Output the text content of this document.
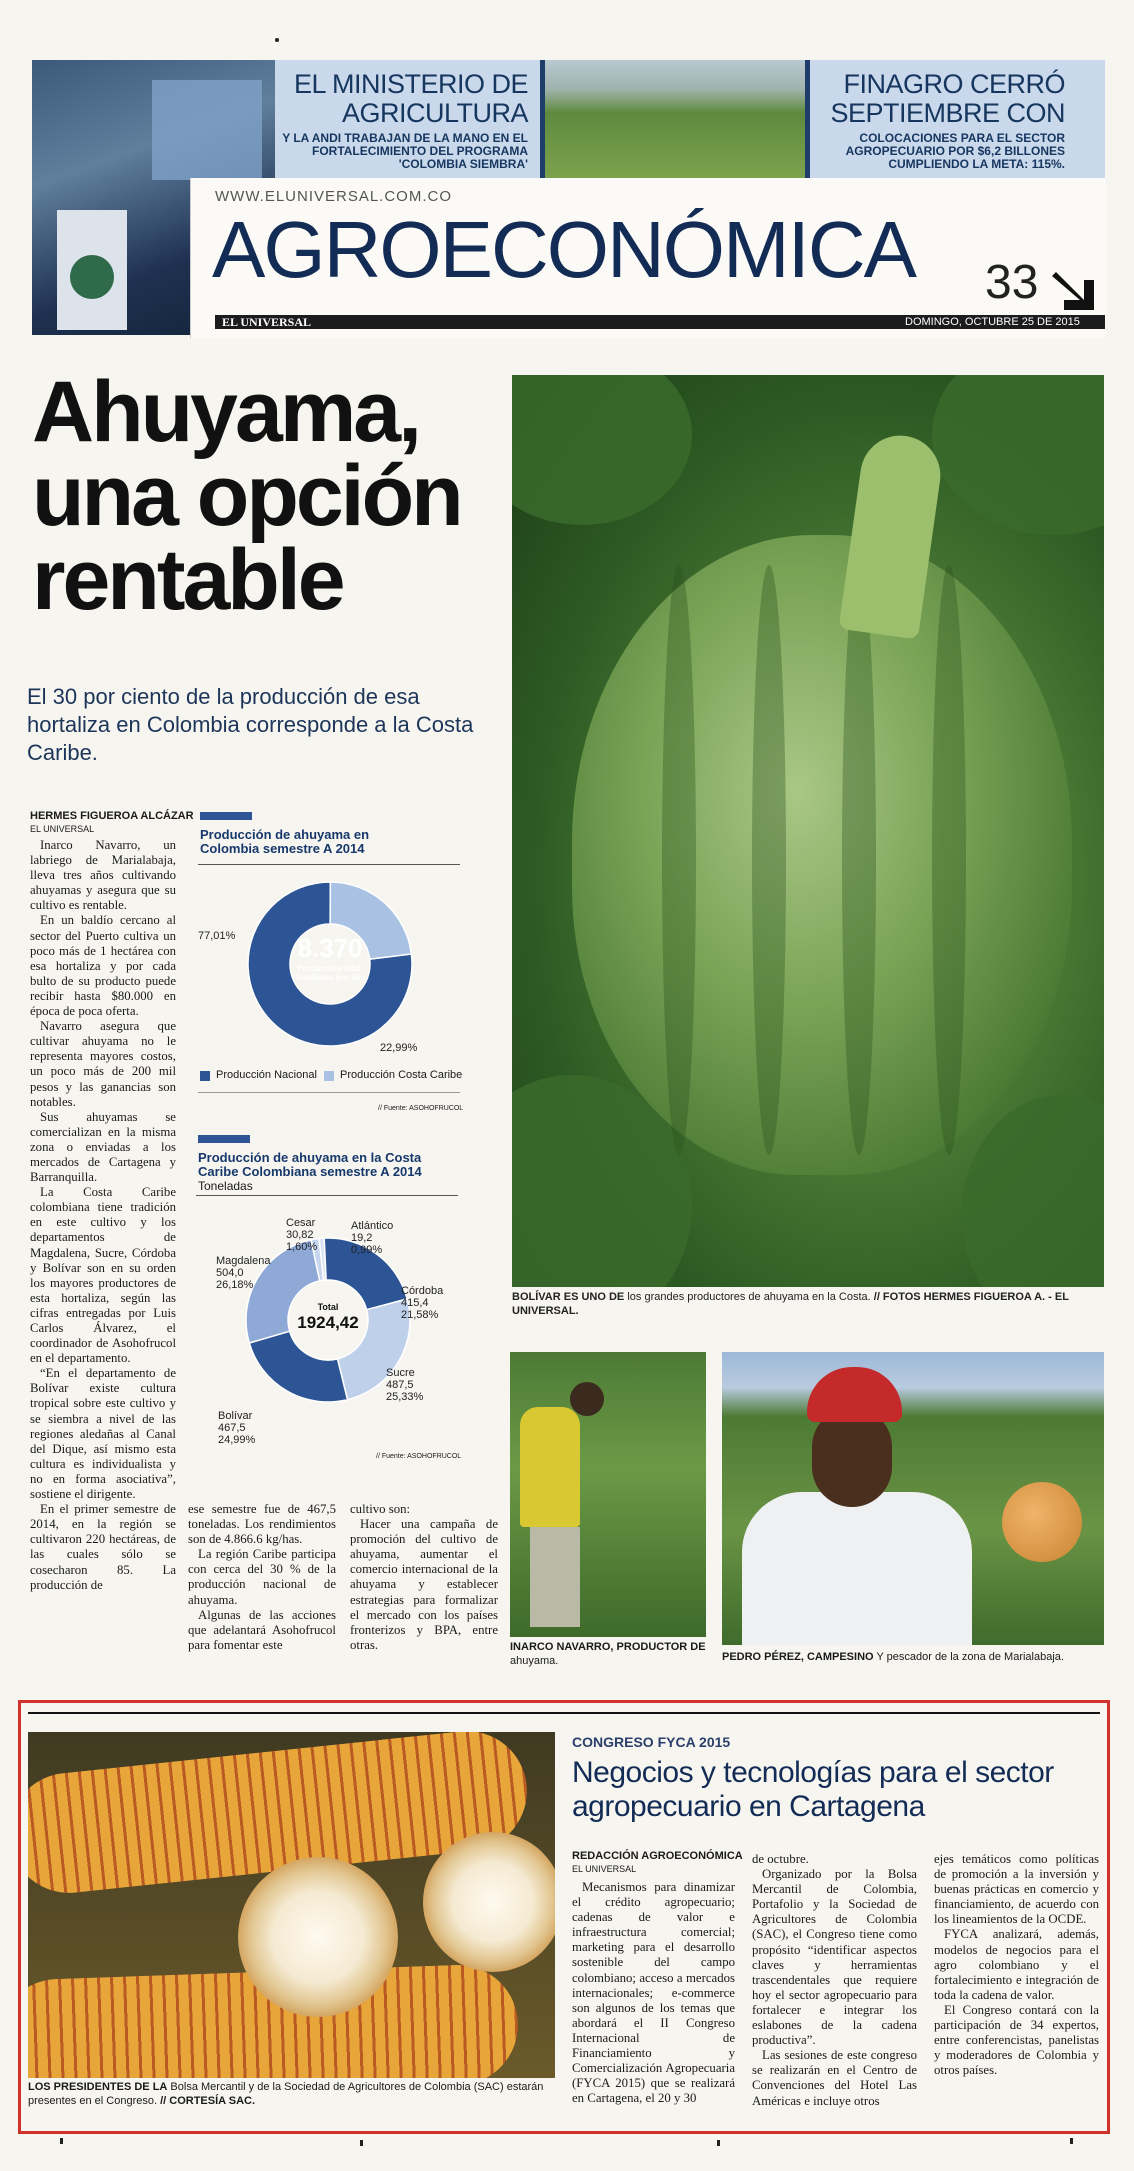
EL MINISTERIO DE AGRICULTURA
Y LA ANDI TRABAJAN DE LA MANO EN EL FORTALECIMIENTO DEL PROGRAMA 'COLOMBIA SIEMBRA'
FINAGRO CERRÓ SEPTIEMBRE CON
COLOCACIONES PARA EL SECTOR AGROPECUARIO POR $6,2 BILLONES CUMPLIENDO LA META: 115%.
WWW.ELUNIVERSAL.COM.CO
AGROECONÓMICA 33
EL UNIVERSAL	DOMINGO, OCTUBRE 25 DE 2015
Ahuyama, una opción rentable
El 30 por ciento de la producción de esa hortaliza en Colombia corresponde a la Costa Caribe.
BOLÍVAR ES UNO DE los grandes productores de ahuyama en la Costa. // FOTOS HERMES FIGUEROA A. - EL UNIVERSAL.
INARCO NAVARRO, PRODUCTOR DE ahuyama.	PEDRO PÉREZ, CAMPESINO Y pescador de la zona de Marialabaja.
HERMES FIGUEROA ALCÁZAR
EL UNIVERSAL

Inarco Navarro, un labriego de Marialabaja, lleva tres años cultivando ahuyamas y asegura que su cultivo es rentable.

En un baldío cercano al sector del Puerto cultiva un poco más de 1 hectárea con esa hortaliza y por cada bulto de su producto puede recibir hasta $80.000 en época de poca oferta.

Navarro asegura que cultivar ahuyama no le representa mayores costos, un poco más de 200 mil pesos y las ganancias son notables.

Sus ahuyamas se comercializan en la misma zona o enviadas a los mercados de Cartagena y Barranquilla.

La Costa Caribe colombiana tiene tradición en este cultivo y los departamentos de Magdalena, Sucre, Córdoba y Bolívar son en su orden los mayores productores de esta hortaliza, según las cifras entregadas por Luis Carlos Álvarez, el coordinador de Asohofrucol en el departamento.

“En el departamento de Bolívar existe cultura tropical sobre este cultivo y se siembra a nivel de las regiones aledañas al Canal del Dique, así mismo esta cultura es individualista y no en forma asociativa”, sostiene el dirigente.

En el primer semestre de 2014, en la región se cultivaron 220 hectáreas, de las cuales sólo se cosecharon 85. La producción de

ese semestre fue de 467,5 toneladas. Los rendimientos son de 4.866.6 kg/has.

La región Caribe participa con cerca del 30 % de la producción nacional de ahuyama.

Algunas de las acciones que adelantará Asohofrucol para fomentar este

cultivo son:

Hacer una campaña de promoción del cultivo de ahuyama, aumentar el comercio internacional de la ahuyama y establecer estrategias para formalizar el mercado con los países fronterizos y BPA, entre otras.

Producción de ahuyama en Colombia semestre A 2014
8.370
Producción total. Toneladas por año
77,01%
22,99%
Producción Nacional Producción Costa Caribe
// Fuente: ASOHOFRUCOL
Producción de ahuyama en la Costa Caribe Colombiana semestre A 2014
Toneladas
Total
1924,42
Cesar
30,82
1,60%
Atlántico
19,2
0,99%
Córdoba
415,4
21,58%
Sucre
487,5
25,33%
Bolívar
467,5
24,99%
Magdalena
504,0
26,18%
// Fuente: ASOHOFRUCOL
LOS PRESIDENTES DE LA Bolsa Mercantil y de la Sociedad de Agricultores de Colombia (SAC) estarán presentes en el Congreso. // CORTESÍA SAC.
CONGRESO FYCA 2015
Negocios y tecnologías para el sector agropecuario en Cartagena
REDACCIÓN AGROECONÓMICA
EL UNIVERSAL

Mecanismos para dinamizar el crédito agropecuario; cadenas de valor e infraestructura comercial; marketing para el desarrollo sostenible del campo colombiano; acceso a mercados internacionales; e-commerce son algunos de los temas que abordará el II Congreso Internacional de Financiamiento y Comercialización Agropecuaria (FYCA 2015) que se realizará en Cartagena, el 20 y 30

de octubre.

Organizado por la Bolsa Mercantil de Colombia, Portafolio y la Sociedad de Agricultores de Colombia (SAC), el Congreso tiene como propósito “identificar aspectos claves y herramientas trascendentales que requiere hoy el sector agropecuario para fortalecer e integrar los eslabones de la cadena productiva”.

Las sesiones de este congreso se realizarán en el Centro de Convenciones del Hotel Las Américas e incluye otros

ejes temáticos como políticas de promoción a la inversión y buenas prácticas en comercio y financiamiento, de acuerdo con los lineamientos de la OCDE.

FYCA analizará, además, modelos de negocios para el agro colombiano y el fortalecimiento e integración de toda la cadena de valor.

El Congreso contará con la participación de 34 expertos, entre conferencistas, panelistas y moderadores de Colombia y otros países.
